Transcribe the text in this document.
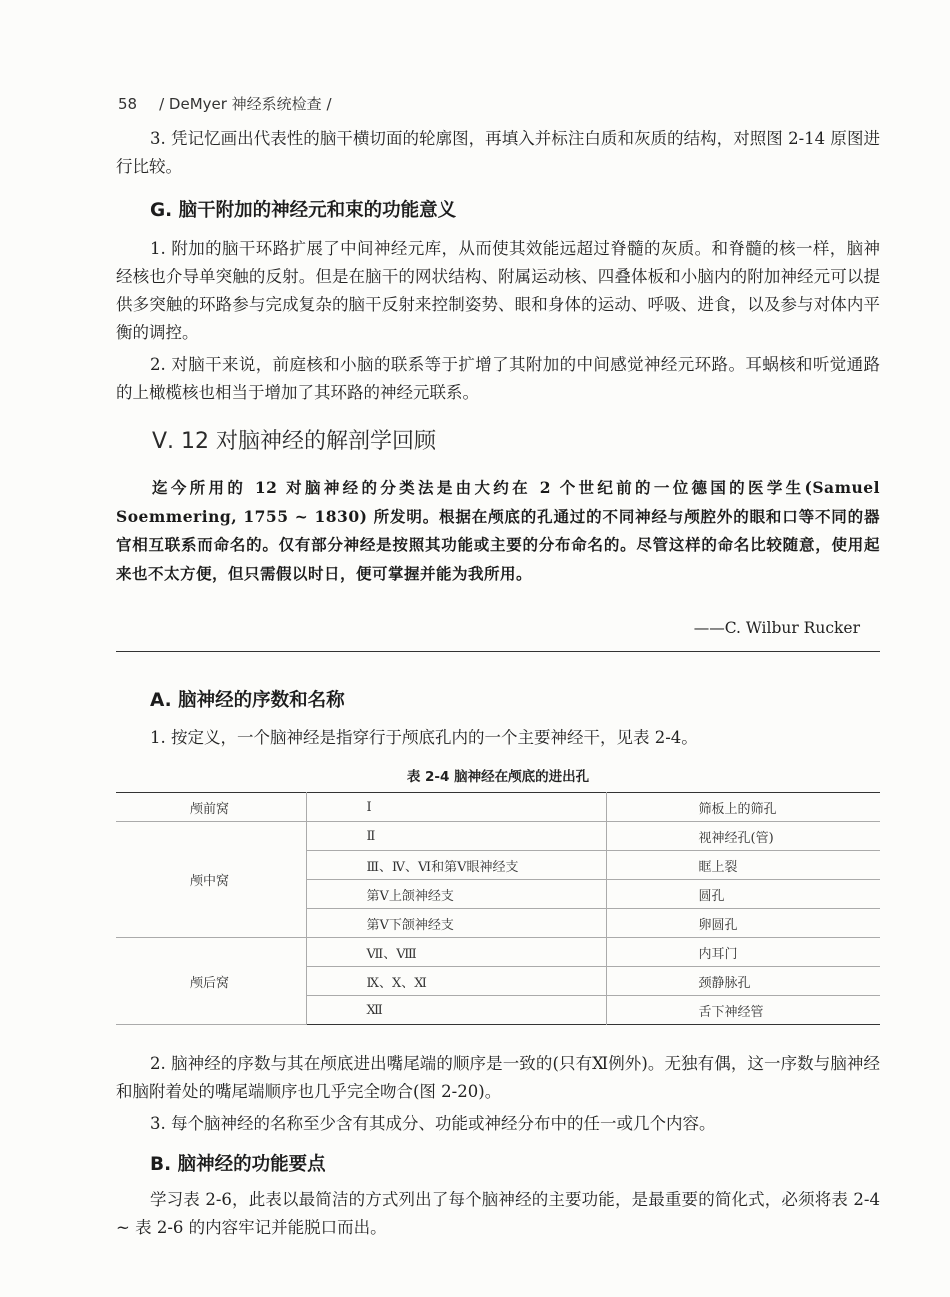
58 / DeMyer 神经系统检查 /

3. 凭记忆画出代表性的脑干横切面的轮廓图，再填入并标注白质和灰质的结构，对照图 2-14 原图进行比较。

G. 脑干附加的神经元和束的功能意义

1. 附加的脑干环路扩展了中间神经元库，从而使其效能远超过脊髓的灰质。和脊髓的核一样，脑神经核也介导单突触的反射。但是在脑干的网状结构、附属运动核、四叠体板和小脑内的附加神经元可以提供多突触的环路参与完成复杂的脑干反射来控制姿势、眼和身体的运动、呼吸、进食，以及参与对体内平衡的调控。

2. 对脑干来说，前庭核和小脑的联系等于扩增了其附加的中间感觉神经元环路。耳蜗核和听觉通路的上橄榄核也相当于增加了其环路的神经元联系。

Ⅴ. 12 对脑神经的解剖学回顾

迄今所用的 12 对脑神经的分类法是由大约在 2 个世纪前的一位德国的医学生(Samuel Soemmering, 1755 ~ 1830) 所发明。根据在颅底的孔通过的不同神经与颅腔外的眼和口等不同的器官相互联系而命名的。仅有部分神经是按照其功能或主要的分布命名的。尽管这样的命名比较随意，使用起来也不太方便，但只需假以时日，便可掌握并能为我所用。

——C. Wilbur Rucker
A. 脑神经的序数和名称

1. 按定义，一个脑神经是指穿行于颅底孔内的一个主要神经干，见表 2-4。

表 2-4 脑神经在颅底的进出孔
颅前窝	Ⅰ	筛板上的筛孔
颅中窝	Ⅱ	视神经孔(管)
	Ⅲ、Ⅳ、Ⅵ和第Ⅴ眼神经支	眶上裂
	第Ⅴ上颌神经支	圆孔
	第Ⅴ下颌神经支	卵圆孔
颅后窝	Ⅶ、Ⅷ	内耳门
	Ⅸ、Ⅹ、Ⅺ	颈静脉孔
	Ⅻ	舌下神经管

2. 脑神经的序数与其在颅底进出嘴尾端的顺序是一致的(只有Ⅺ例外)。无独有偶，这一序数与脑神经和脑附着处的嘴尾端顺序也几乎完全吻合(图 2-20)。

3. 每个脑神经的名称至少含有其成分、功能或神经分布中的任一或几个内容。

B. 脑神经的功能要点

学习表 2-6，此表以最简洁的方式列出了每个脑神经的主要功能，是最重要的简化式，必须将表 2-4 ~ 表 2-6 的内容牢记并能脱口而出。
